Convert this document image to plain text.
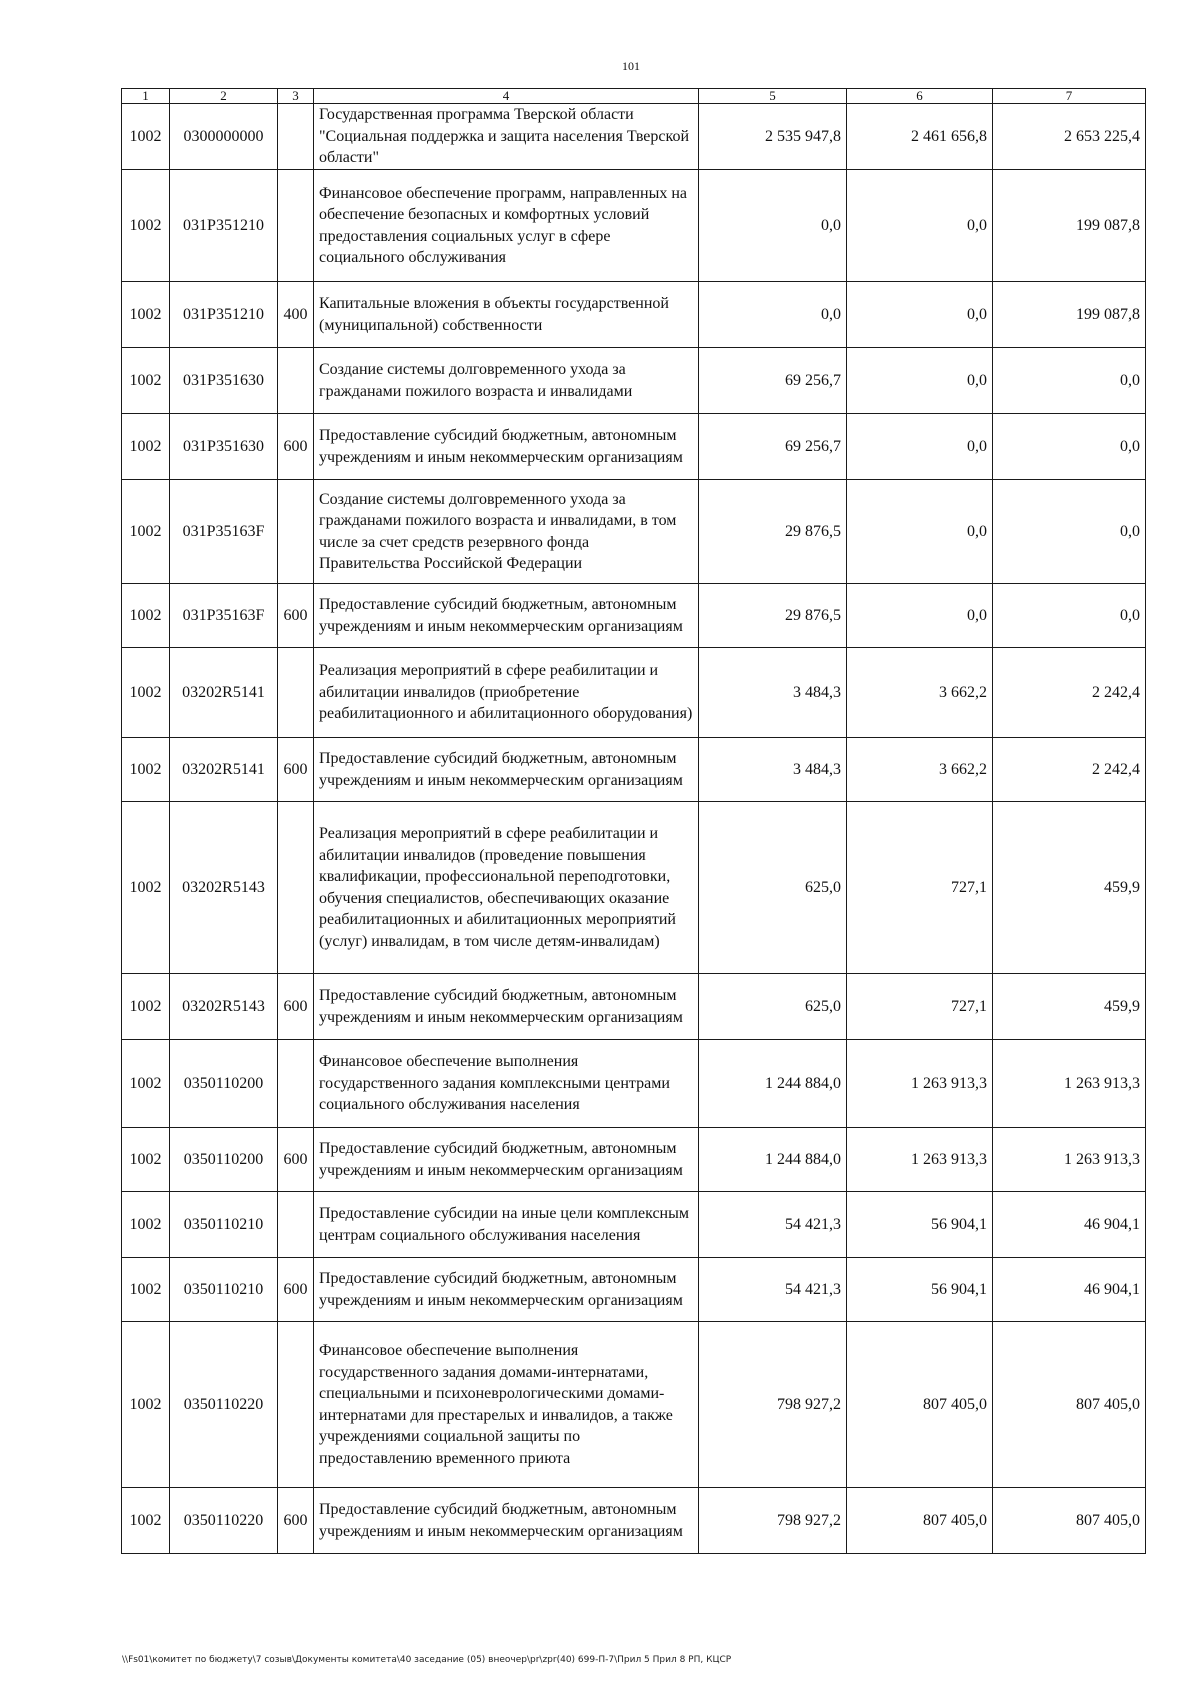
101
1	2	3	4	5	6	7
1002	0300000000		Государственная программа Тверской области "Социальная поддержка и защита населения Тверской области"	2 535 947,8	2 461 656,8	2 653 225,4
1002	031P351210		Финансовое обеспечение программ, направленных на обеспечение безопасных и комфортных условий предоставления социальных услуг в сфере социального обслуживания	0,0	0,0	199 087,8
1002	031P351210	400	Капитальные вложения в объекты государственной (муниципальной) собственности	0,0	0,0	199 087,8
1002	031P351630		Создание системы долговременного ухода за гражданами пожилого возраста и инвалидами	69 256,7	0,0	0,0
1002	031P351630	600	Предоставление субсидий бюджетным, автономным учреждениям и иным некоммерческим организациям	69 256,7	0,0	0,0
1002	031P35163F		Создание системы долговременного ухода за гражданами пожилого возраста и инвалидами, в том числе за счет средств резервного фонда Правительства Российской Федерации	29 876,5	0,0	0,0
1002	031P35163F	600	Предоставление субсидий бюджетным, автономным учреждениям и иным некоммерческим организациям	29 876,5	0,0	0,0
1002	03202R5141		Реализация мероприятий в сфере реабилитации и абилитации инвалидов (приобретение реабилитационного и абилитационного оборудования)	3 484,3	3 662,2	2 242,4
1002	03202R5141	600	Предоставление субсидий бюджетным, автономным учреждениям и иным некоммерческим организациям	3 484,3	3 662,2	2 242,4
1002	03202R5143		Реализация мероприятий в сфере реабилитации и абилитации инвалидов (проведение повышения квалификации, профессиональной переподготовки, обучения специалистов, обеспечивающих оказание реабилитационных и абилитационных мероприятий (услуг) инвалидам, в том числе детям-инвалидам)	625,0	727,1	459,9
1002	03202R5143	600	Предоставление субсидий бюджетным, автономным учреждениям и иным некоммерческим организациям	625,0	727,1	459,9
1002	0350110200		Финансовое обеспечение выполнения государственного задания комплексными центрами социального обслуживания населения	1 244 884,0	1 263 913,3	1 263 913,3
1002	0350110200	600	Предоставление субсидий бюджетным, автономным учреждениям и иным некоммерческим организациям	1 244 884,0	1 263 913,3	1 263 913,3
1002	0350110210		Предоставление субсидии на иные цели комплексным центрам социального обслуживания населения	54 421,3	56 904,1	46 904,1
1002	0350110210	600	Предоставление субсидий бюджетным, автономным учреждениям и иным некоммерческим организациям	54 421,3	56 904,1	46 904,1
1002	0350110220		Финансовое обеспечение выполнения государственного задания домами-интернатами, специальными и психоневрологическими домами-интернатами для престарелых и инвалидов, а также учреждениями социальной защиты по предоставлению временного приюта	798 927,2	807 405,0	807 405,0
1002	0350110220	600	Предоставление субсидий бюджетным, автономным учреждениям и иным некоммерческим организациям	798 927,2	807 405,0	807 405,0
\\Fs01\комитет по бюджету\7 созыв\Документы комитета\40 заседание (05) внеочер\pr\zpr(40) 699-П-7\Прил 5 Прил 8 РП, КЦСР
